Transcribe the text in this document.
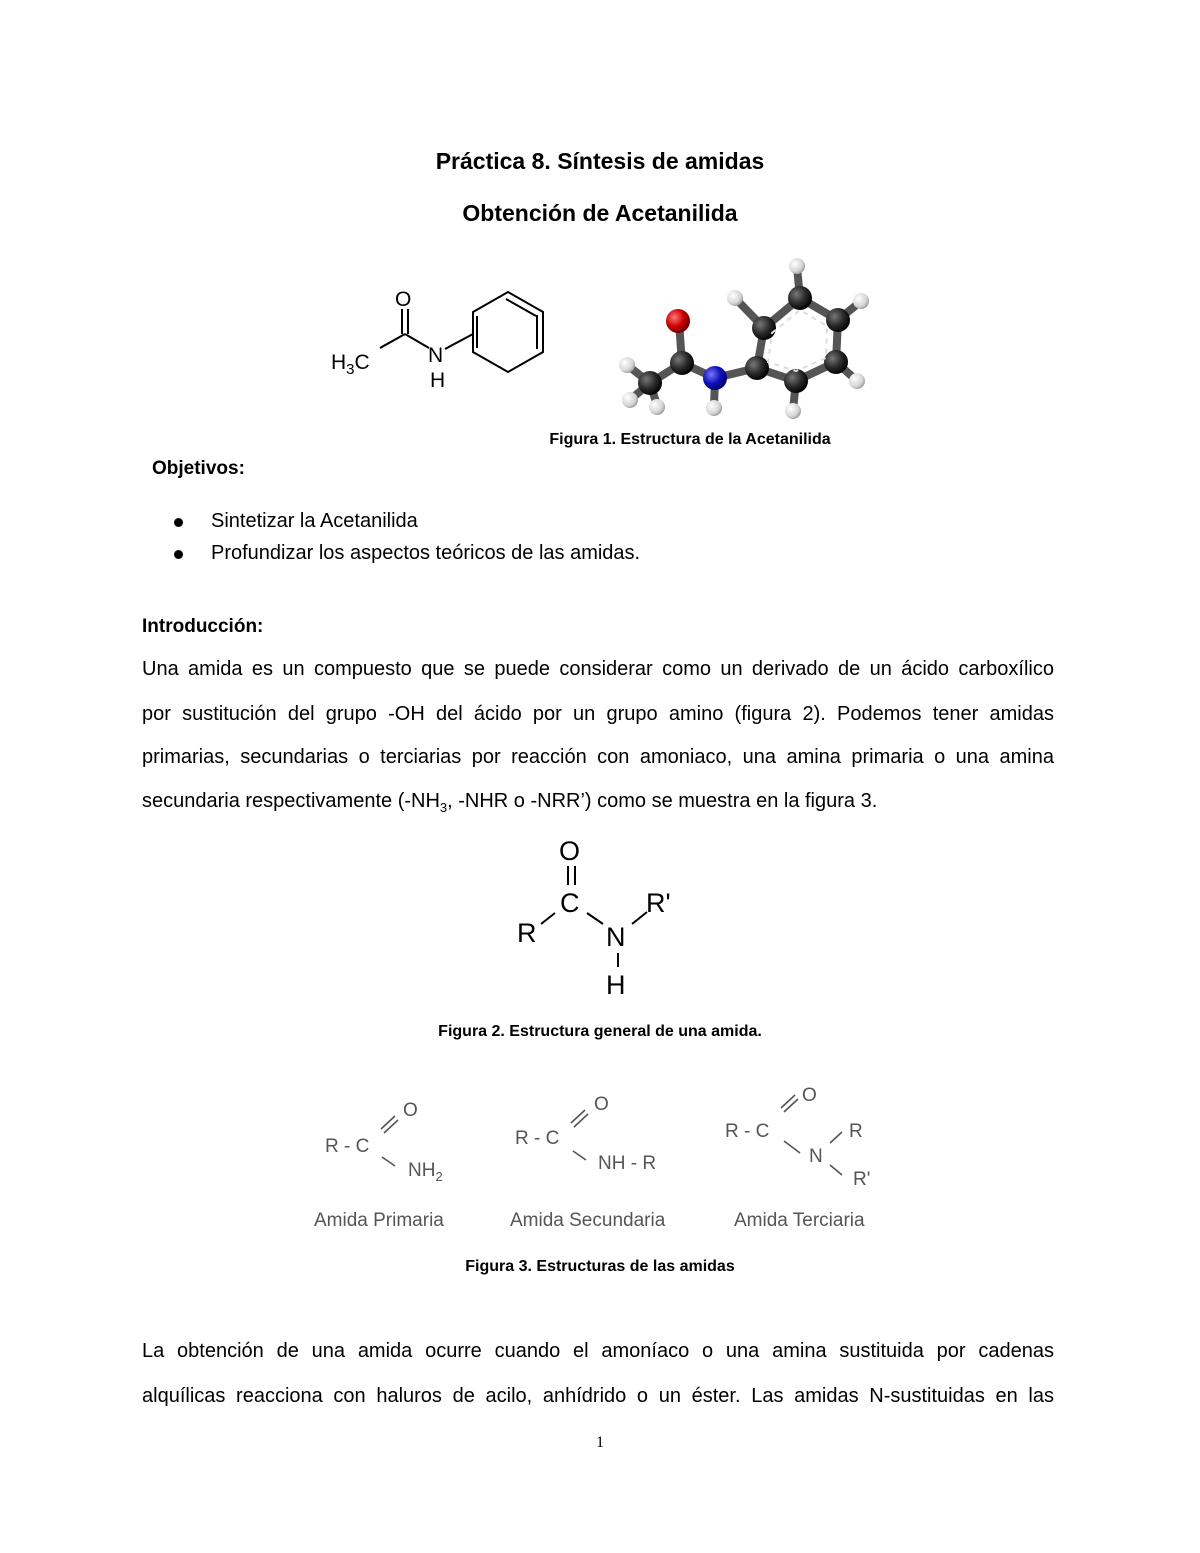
Práctica 8. Síntesis de amidas
Obtención de Acetanilida
O
N
H
$H_3C$
Figura 1. Estructura de la Acetanilida
Objetivos:
Sintetizar la Acetanilida
Profundizar los aspectos teóricos de las amidas.
Introducción:
Una amida es un compuesto que se puede considerar como un derivado de un ácido carboxílico
por sustitución del grupo -OH del ácido por un grupo amino (figura 2). Podemos tener amidas
primarias, secundarias o terciarias por reacción con amoniaco, una amina primaria o una amina
secundaria respectivamente ($-NH_3$, -NHR o -NRR’) como se muestra en la figura 3.
O
C
R	N
R'
H
Figura 2. Estructura general de una amida.
R - C
O
$NH_2$
Amida Primaria
R - C
O
NH - R
Amida Secundaria
R - C
O
N
R
R'
Amida Terciaria
Figura 3. Estructuras de las amidas
La obtención de una amida ocurre cuando el amoníaco o una amina sustituida por cadenas
alquílicas reacciona con haluros de acilo, anhídrido o un éster. Las amidas N-sustituidas en las
1
